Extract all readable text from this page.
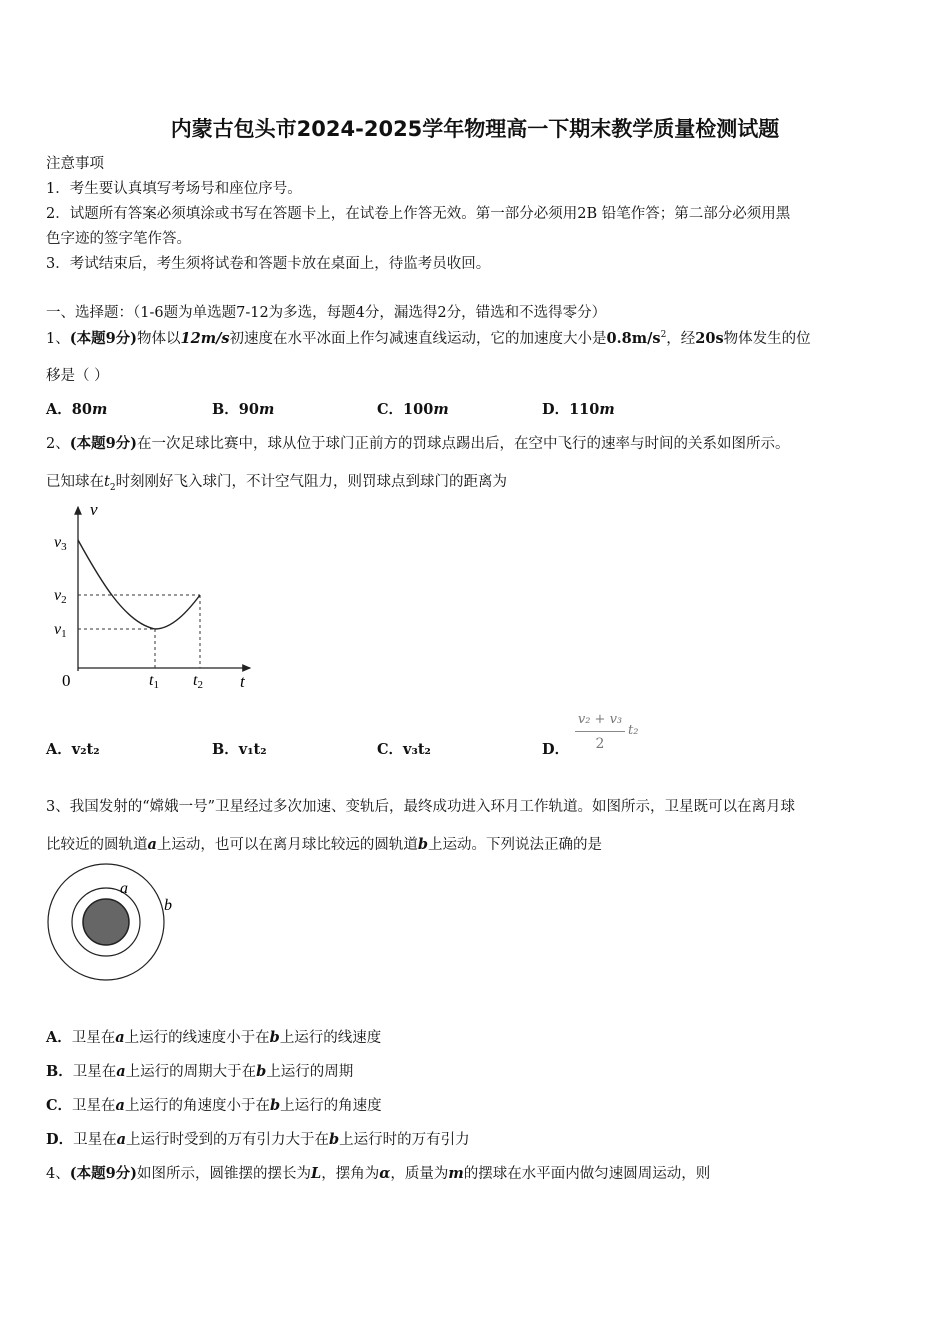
内蒙古包头市2024-2025学年物理高一下期末教学质量检测试题
注意事项
1．考生要认真填写考场号和座位序号。
2．试题所有答案必须填涂或书写在答题卡上，在试卷上作答无效。第一部分必须用2B 铅笔作答；第二部分必须用黑
色字迹的签字笔作答。
3．考试结束后，考生须将试卷和答题卡放在桌面上，待监考员收回。
一、选择题：（1-6题为单选题7-12为多选，每题4分，漏选得2分，错选和不选得零分）
1、(本题9分)物体以12m/s初速度在水平冰面上作匀减速直线运动，它的加速度大小是$0.8m/s^2$，经20s物体发生的位
移是（ ）
A．80m	B．90m	C．100m	D．110m
2、(本题9分)在一次足球比赛中，球从位于球门正前方的罚球点踢出后，在空中飞行的速率与时间的关系如图所示。
已知球在$t_2$时刻刚好飞入球门，不计空气阻力，则罚球点到球门的距离为
v
t
0
v3
v2
v1
t1 t2
A．v₂t₂	B．v₁t₂	C．v₃t₂	D．
v₂ + v₃
2
t₂
3、我国发射的“嫦娥一号”卫星经过多次加速、变轨后，最终成功进入环月工作轨道。如图所示，卫星既可以在离月球
比较近的圆轨道a上运动，也可以在离月球比较远的圆轨道b上运动。下列说法正确的是
a
b
A．卫星在a上运行的线速度小于在b上运行的线速度
B．卫星在a上运行的周期大于在b上运行的周期
C．卫星在a上运行的角速度小于在b上运行的角速度
D．卫星在a上运行时受到的万有引力大于在b上运行时的万有引力
4、(本题9分)如图所示，圆锥摆的摆长为L，摆角为α，质量为m的摆球在水平面内做匀速圆周运动，则
